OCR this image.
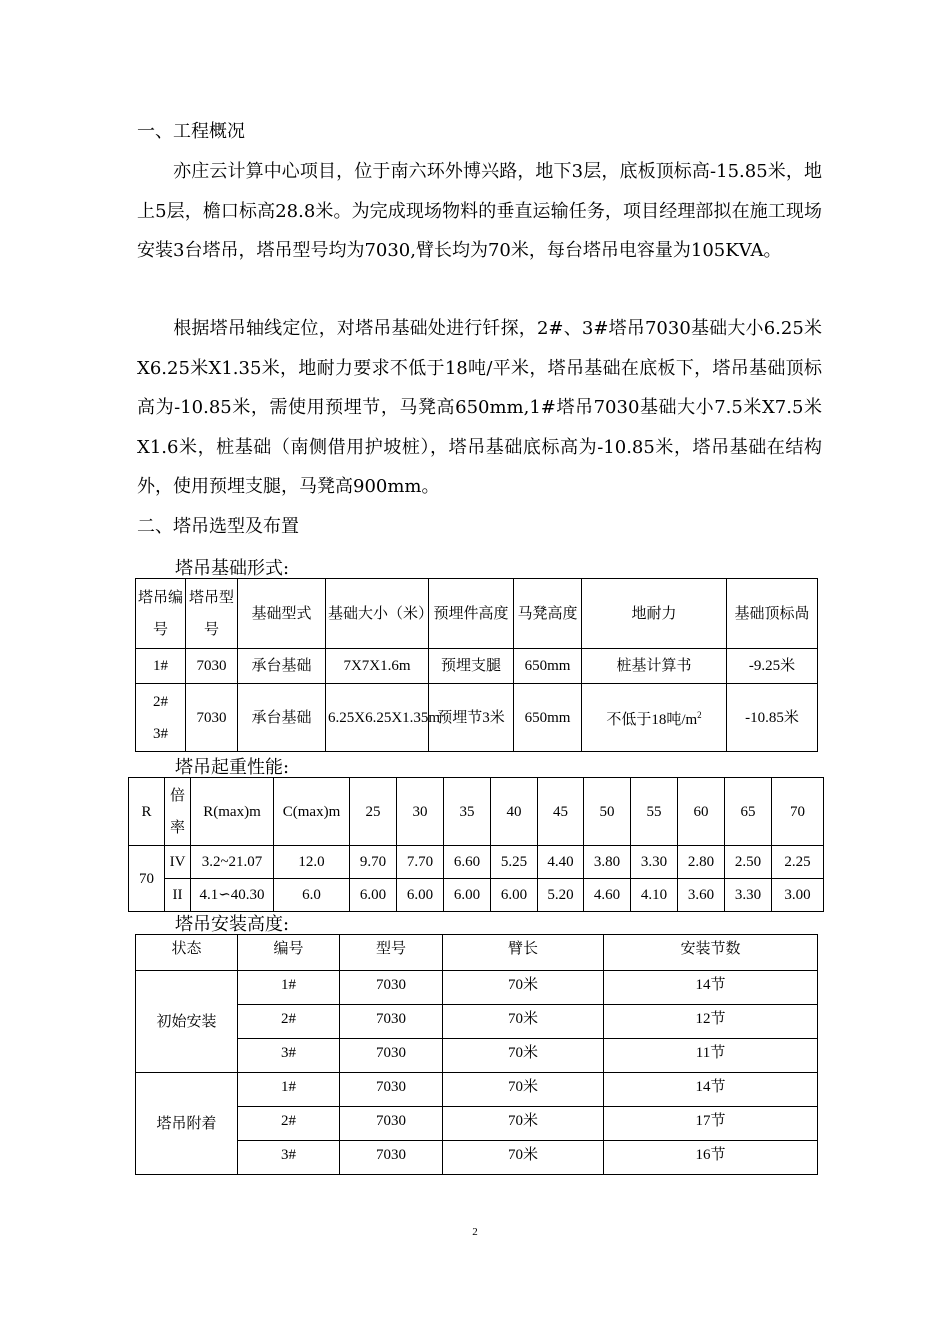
一、工程概况

亦庄云计算中心项目，位于南六环外博兴路，地下3层，底板顶标高-15.85米，地上5层，檐口标高28.8米。为完成现场物料的垂直运输任务，项目经理部拟在施工现场安装3台塔吊，塔吊型号均为7030,臂长均为70米，每台塔吊电容量为105KVA。

根据塔吊轴线定位，对塔吊基础处进行钎探，2#、3#塔吊7030基础大小6.25米X6.25米X1.35米，地耐力要求不低于18吨/平米，塔吊基础在底板下，塔吊基础顶标高为-10.85米，需使用预埋节，马凳高650mm,1#塔吊7030基础大小7.5米X7.5米X1.6米，桩基础（南侧借用护坡桩），塔吊基础底标高为-10.85米，塔吊基础在结构外，使用预埋支腿，马凳高900mm。

二、塔吊选型及布置

塔吊基础形式:

塔吊编号	塔吊型号	基础型式	基础大小（米）	预埋件高度	马凳高度	地耐力	基础顶标咼
1#	7030	承台基础	7X7X1.6m	预埋支腿	650mm	桩基计算书	-9.25米
2#
3#	7030	承台基础	6.25X6.25X1.35m	预埋节3米	650mm	不低于18吨$/m^2$	-10.85米

塔吊起重性能:

R	倍率	R(max)m	C(max)m	25	30	35	40	45	50	55	60	65	70
70	IV	3.2~21.07	12.0	9.70	7.70	6.60	5.25	4.40	3.80	3.30	2.80	2.50	2.25
	II	4.1∽40.30	6.0	6.00	6.00	6.00	6.00	5.20	4.60	4.10	3.60	3.30	3.00

塔吊安装高度:

状态	编号	型号	臂长	安装节数
初始安装	1#	7030	70米	14节
	2#	7030	70米	12节
	3#	7030	70米	11节
塔吊附着	1#	7030	70米	14节
	2#	7030	70米	17节
	3#	7030	70米	16节
2
